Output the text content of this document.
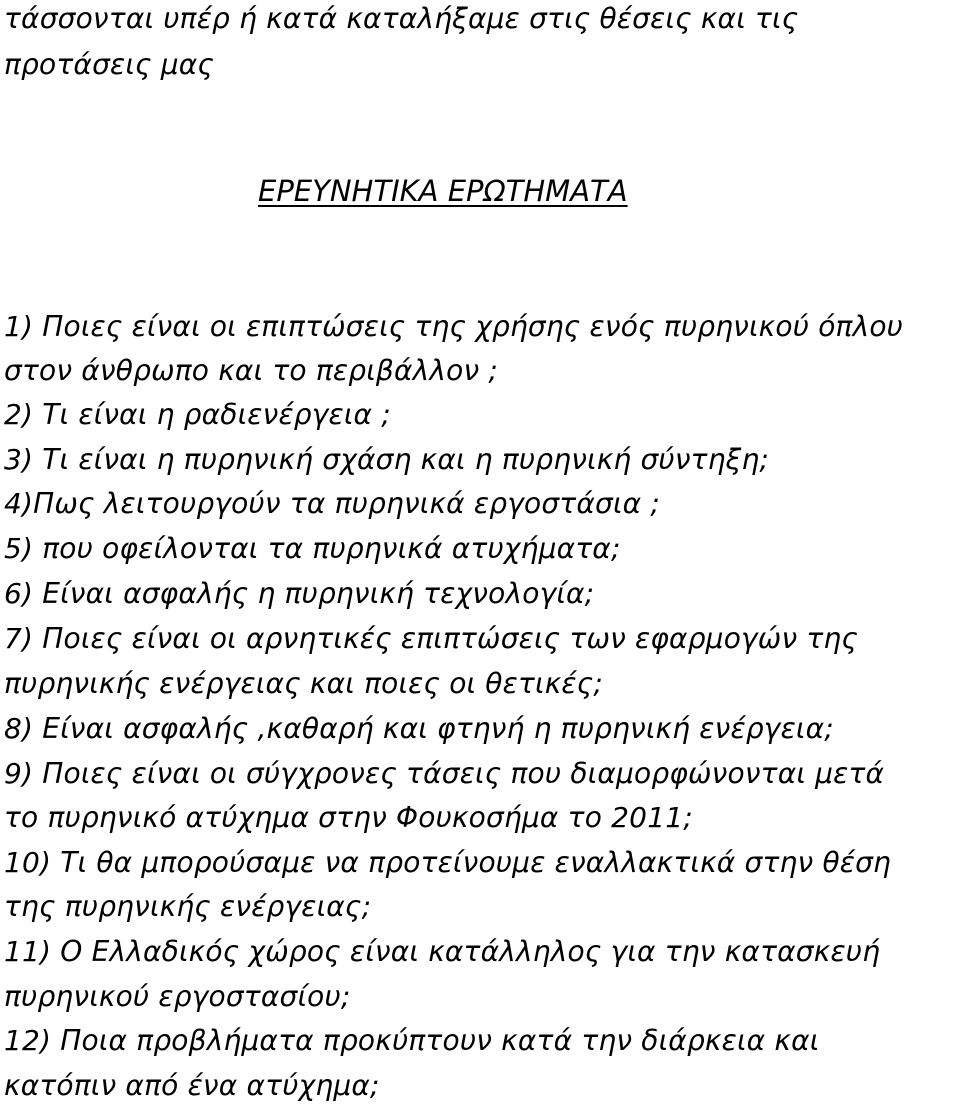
τάσσονται υπέρ ή κατά καταλήξαμε στις θέσεις και τις
προτάσεις μας
ΕΡΕΥΝΗΤΙΚΑ ΕΡΩΤΗΜΑΤΑ
1) Ποιες είναι οι επιπτώσεις της χρήσης ενός πυρηνικού όπλου
στον άνθρωπο και το περιβάλλον ;
2) Τι είναι η ραδιενέργεια ;
3) Τι είναι η πυρηνική σχάση και η πυρηνική σύντηξη;
4)Πως λειτουργούν τα πυρηνικά εργοστάσια ;
5) που οφείλονται τα πυρηνικά ατυχήματα;
6) Είναι ασφαλής η πυρηνική τεχνολογία;
7) Ποιες είναι οι αρνητικές επιπτώσεις των εφαρμογών της
πυρηνικής ενέργειας και ποιες οι θετικές;
8) Είναι ασφαλής ,καθαρή και φτηνή η πυρηνική ενέργεια;
9) Ποιες είναι οι σύγχρονες τάσεις που διαμορφώνονται μετά
το πυρηνικό ατύχημα στην Φουκοσήμα το 2011;
10) Τι θα μπορούσαμε να προτείνουμε εναλλακτικά στην θέση
της πυρηνικής ενέργειας;
11) Ο Ελλαδικός χώρος είναι κατάλληλος για την κατασκευή
πυρηνικού εργοστασίου;
12) Ποια προβλήματα προκύπτουν κατά την διάρκεια και
κατόπιν από ένα ατύχημα;
